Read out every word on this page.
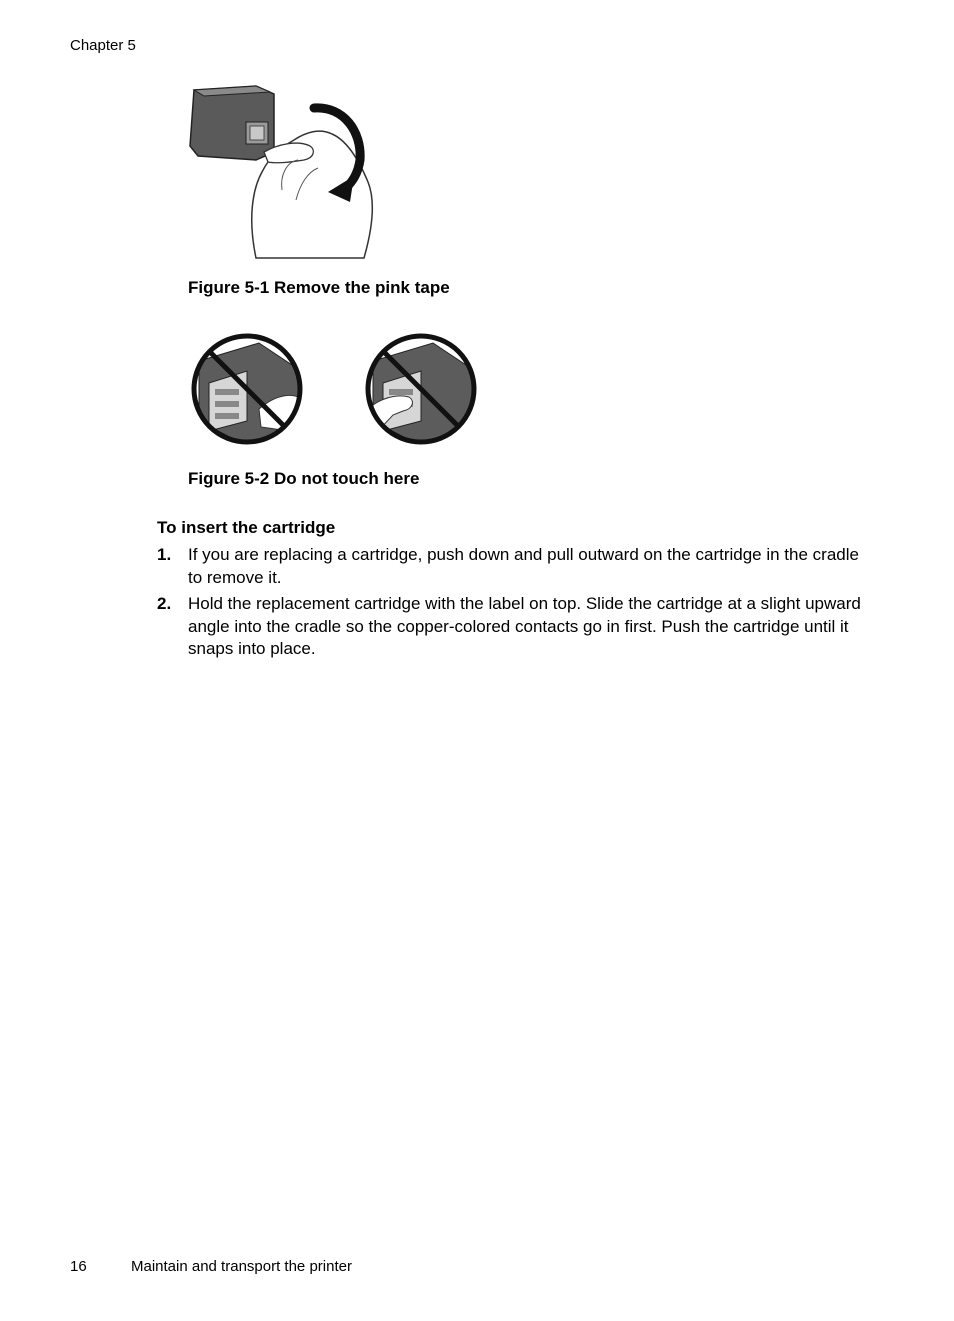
Chapter 5
Figure 5-1 Remove the pink tape
Figure 5-2 Do not touch here
To insert the cartridge
1. If you are replacing a cartridge, push down and pull outward on the cartridge in the cradle to remove it.
2. Hold the replacement cartridge with the label on top. Slide the cartridge at a slight upward angle into the cradle so the copper-colored contacts go in first. Push the cartridge until it snaps into place.
16	Maintain and transport the printer
